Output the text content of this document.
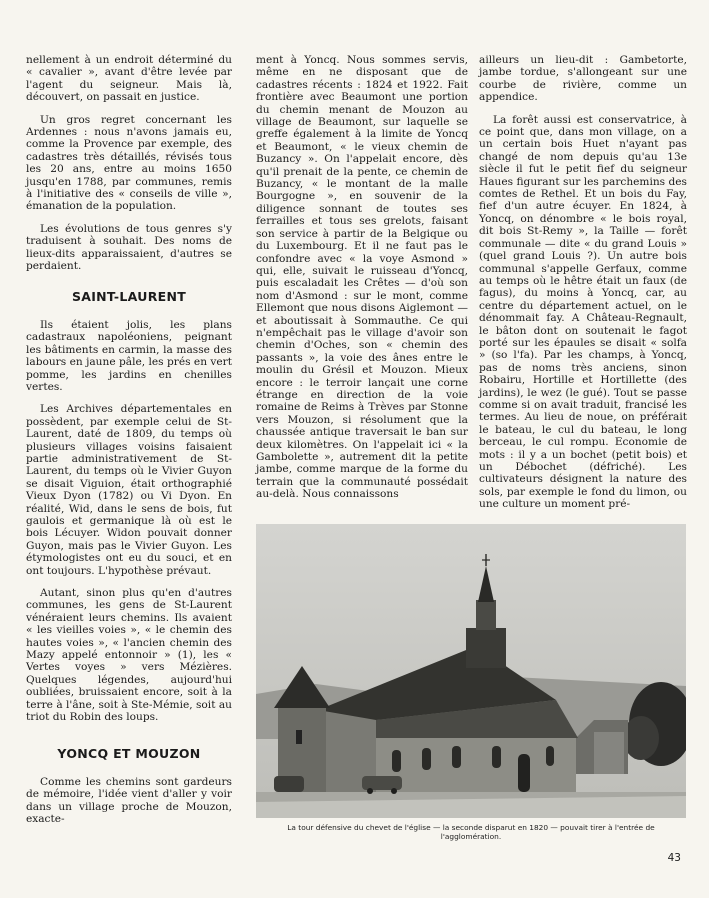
nellement à un endroit déterminé du « cavalier », avant d'être levée par l'agent du seigneur. Mais là, découvert, on passait en justice.

Un gros regret concernant les Ardennes : nous n'avons jamais eu, comme la Provence par exemple, des cadastres très détaillés, révisés tous les 20 ans, entre au moins 1650 jusqu'en 1788, par communes, remis à l'initiative des « conseils de ville », émanation de la population.

Les évolutions de tous genres s'y traduisent à souhait. Des noms de lieux-dits apparaissaient, d'autres se perdaient.

SAINT-LAURENT

Ils étaient jolis, les plans cadastraux napoléoniens, peignant les bâtiments en carmin, la masse des labours en jaune pâle, les prés en vert pomme, les jardins en chenilles vertes.

Les Archives départementales en possèdent, par exemple celui de St-Laurent, daté de 1809, du temps où plusieurs villages voisins faisaient partie administrativement de St-Laurent, du temps où le Vivier Guyon se disait Viguion, était orthographié Vieux Dyon (1782) ou Vi Dyon. En réalité, Wid, dans le sens de bois, fut gaulois et germanique là où est le bois Lécuyer. Widon pouvait donner Guyon, mais pas le Vivier Guyon. Les étymologistes ont eu du souci, et en ont toujours. L'hypothèse prévaut.

Autant, sinon plus qu'en d'autres communes, les gens de St-Laurent vénéraient leurs chemins. Ils avaient « les vieilles voies », « le chemin des hautes voies », « l'ancien chemin des Mazy appelé entonnoir » (1), les « Vertes voyes » vers Mézières. Quelques légendes, aujourd'hui oubliées, bruissaient encore, soit à la terre à l'âne, soit à Ste-Mémie, soit au triot du Robin des loups.

YONCQ ET MOUZON

Comme les chemins sont gardeurs de mémoire, l'idée vient d'aller y voir dans un village proche de Mouzon, exacte-

ment à Yoncq. Nous sommes servis, même en ne disposant que de cadastres récents : 1824 et 1922. Fait frontière avec Beaumont une portion du chemin menant de Mouzon au village de Beaumont, sur laquelle se greffe également à la limite de Yoncq et Beaumont, « le vieux chemin de Buzancy ». On l'appelait encore, dès qu'il prenait de la pente, ce chemin de Buzancy, « le montant de la malle Bourgogne », en souvenir de la diligence sonnant de toutes ses ferrailles et tous ses grelots, faisant son service à partir de la Belgique ou du Luxembourg. Et il ne faut pas le confondre avec « la voye Asmond » qui, elle, suivait le ruisseau d'Yoncq, puis escaladait les Crêtes — d'où son nom d'Asmond : sur le mont, comme Ellemont que nous disons Aiglemont — et aboutissait à Sommauthe. Ce qui n'empêchait pas le village d'avoir son chemin d'Oches, son « chemin des passants », la voie des ânes entre le moulin du Grésil et Mouzon. Mieux encore : le terroir lançait une corne étrange en direction de la voie romaine de Reims à Trèves par Stonne vers Mouzon, si résolument que la chaussée antique traversait le ban sur deux kilomètres. On l'appelait ici « la Gambolette », autrement dit la petite jambe, comme marque de la forme du terrain que la communauté possédait au-delà. Nous connaissons

ailleurs un lieu-dit : Gambetorte, jambe tordue, s'allongeant sur une courbe de rivière, comme un appendice.

La forêt aussi est conservatrice, à ce point que, dans mon village, on a un certain bois Huet n'ayant pas changé de nom depuis qu'au 13e siècle il fut le petit fief du seigneur Haues figurant sur les parchemins des comtes de Rethel. Et un bois du Fay, fief d'un autre écuyer. En 1824, à Yoncq, on dénombre « le bois royal, dit bois St-Remy », la Taille — forêt communale — dite « du grand Louis » (quel grand Louis ?). Un autre bois communal s'appelle Gerfaux, comme au temps où le hêtre était un faux (de fagus), du moins à Yoncq, car, au centre du département actuel, on le dénommait fay. A Château-Regnault, le bâton dont on soutenait le fagot porté sur les épaules se disait « solfa » (so l'fa). Par les champs, à Yoncq, pas de noms très anciens, sinon Robairu, Hortille et Hortillette (des jardins), le wez (le gué). Tout se passe comme si on avait traduit, francisé les termes. Au lieu de noue, on préférait le bateau, le cul du bateau, le long berceau, le cul rompu. Economie de mots : il y a un bochet (petit bois) et un Débochet (défriché). Les cultivateurs désignent la nature des sols, par exemple le fond du limon, ou une culture un moment pré-

La tour défensive du chevet de l'église — la seconde disparut en 1820 — pouvait tirer à l'entrée de l'agglomération.
43
